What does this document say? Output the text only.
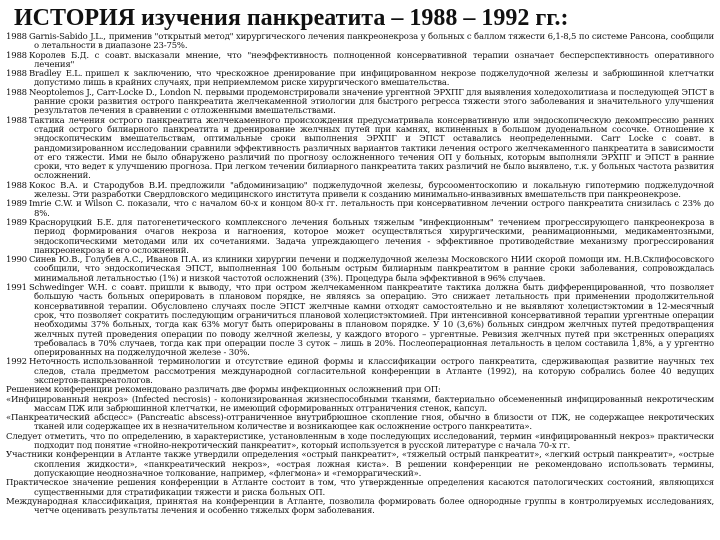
ИСТОРИЯ изучения панкреатита – 1988 – 1992 гг.:

1988 Garnis-Sabido J.L., применив "открытый метод" хирургического лечения панкреонекроза у больных с баллом тяжести 6,1-8,5 по системе Рансона, сообщили о летальности в диапазоне 23-75%.

1988 Королев Б.Д. с соавт. высказали мнение, что "неэффективность полноценной консервативной терапии означает бесперспективность оперативного лечения"

1988 Bradley E.L. пришел к заключению, что чрескожное дренирование при инфицированном некрозе поджелудочной железы и забрюшинной клетчатки допустимо лишь в крайних случаях, при неприемлемом риске хирургического вмешательства.

1988 Neoptolemos J., Carr-Locke D., London N. первыми продемонстрировали значение ургентной ЭРХПГ для выявления холедохолитиаза и последующей ЭПСТ в ранние сроки развития острого панкреатита желчекаменной этиологии для быстрого регресса тяжести этого заболевания и значительного улучшения результатов лечения в сравнении с отложенными вмешательствами.

1988 Тактика лечения острого панкреатита желчекаменного происхождения предусматривала консервативную или эндоскопическую декомпрессию ранних стадий острого билиарного панкреатита и дренирование желчных путей при камнях, вклиненных в большом дуоденальном сосочке. Отношение к эндоскопическим вмешательствам, оптимальные сроки выполнения ЭРХПГ и ЭПСТ оставались неопределенными. Carr Locke с соавт. в рандомизированном исследовании сравнили эффективность различных вариантов тактики лечения острого желчекаменного панкреатита в зависимости от его тяжести. Ими не было обнаружено различий по прогнозу осложненного течения ОП у больных, которым выполняли ЭРХПГ и ЭПСТ в ранние сроки, что ведет к улучшению прогноза. При легком течении билиарного панкреатита таких различий не было выявлено, т.к. у больных частота развития осложнений.

1988 Кокос В.А. и Стародубов В.И. предложили "абдоминизацию" поджелудочной железы, бурсооментоскопию и локальную гипотермию поджелудочной железы. Эти разработки Свердловского медицинского института привели к созданию минимально-инвазивных вмешательств при панкреонекрозе.

1989 Imrie C.W. и Wilson C. показали, что с началом 60-х и концом 80-х гг. летальность при консервативном лечении острого панкреатита снизилась с 23% до 8%.

1989 Красноруцкий Б.Е. для патогенетического комплексного лечения больных тяжелым "инфекционным" течением прогрессирующего панкреонекроза в период формирования очагов некроза и нагноения, которое может осуществляться хирургическими, реанимационными, медикаментозными, эндоскопическими методами или их сочетаниями. Задача упреждающего лечения - эффективное противодействие механизму прогрессирования панкреонекроза и его осложнений.

1990 Синев Ю.В., Голубев А.С., Иванов П.А. из клиники хирургии печени и поджелудочной железы Московского НИИ скорой помощи им. Н.В.Склифосовского сообщили, что эндоскопическая ЭПСТ, выполненная 100 больным острым билиарным панкреатитом в ранние сроки заболевания, сопровождалась минимальной летальностью (1%) и низкой частотой осложнений (3%). Процедура была эффективной в 96% случаев.

1991 Schwedinger W.H. с соавт. пришли к выводу, что при остром желчекаменном панкреатите тактика должна быть дифференцированной, что позволяет большую часть больных оперировать в плановом порядке, не являясь за операцию. Это снижает летальность при применении продолжительной консервативной терапии. Обусловлено случаях после ЭПСТ желчные камни отходят самостоятельно и не выявляют холецистэктомии в 12-месячный срок, что позволяет сократить последующим ограничиться плановой холецистэктомией. При интенсивной консервативной терапии ургентные операции необходимы 37% больных, тогда как 63% могут быть оперированы в плановом порядке. У 10 (3,6%) больных синдром желчных путей предотвращения желчных путей проведения операции по поводу желчной железы, у каждого второго – ургентные. Ревизия желчных путей при экстренных операциях требовалась в 70% случаев, тогда как при операции после 3 суток – лишь в 20%. Послеоперационная летальность в целом составила 1,8%, а у ургентно оперированных на поджелудочной железе - 30%.

1992 Неточность использованной терминологии и отсутствие единой формы и классификации острого панкреатита, сдерживающая развитие научных тех следов, стала предметом рассмотрения международной согласительной конференции в Атланте (1992), на которую собрались более 40 ведущих экспертов-панкреатологов.

Решением конференции рекомендовано различать две формы инфекционных осложнений при ОП:

«Инфицированный некроз» (Infected necrosis) - колонизированная жизнеспособными тканями, бактериально обсемененный инфицированный некротическим массам ПЖ или забрюшинной клетчатки, не имеющий сформированных отграничения стенок, капсул.

«Панкреатический абсцесс» (Pancreatic abscess)-отграниченное внутрибрюшное скопление гноя, обычно в близости от ПЖ, не содержащее некротических тканей или содержащее их в незначительном количестве и возникающее как осложнение острого панкреатита».

Следует отметить, что по определению, в характеристике, установленным в ходе последующих исследований, термин «инфицированный некроз» практически подходит под понятие «гнойно-некротический панкреатит», который используется в русской литературе с начала 70-х гг.

Участники конференции в Атланте также утвердили определения «острый панкреатит», «тяжелый острый панкреатит», «легкий острый панкреатит», «острые скопления жидкости», «панкреатический некроз», «острая ложная киста». В решении конференции не рекомендовано использовать термины, допускающие неоднозначное толкование, например, «флегмона» и «геморрагический».

Практическое значение решения конференции в Атланте состоит в том, что утвержденные определения касаются патологических состояний, являющихся существенными для стратификации тяжести и риска больных ОП.

Международная классификация, принятая на конференции в Атланте, позволила формировать более однородные группы в контролируемых исследованиях, четче оценивать результаты лечения и особенно тяжелых форм заболевания.
